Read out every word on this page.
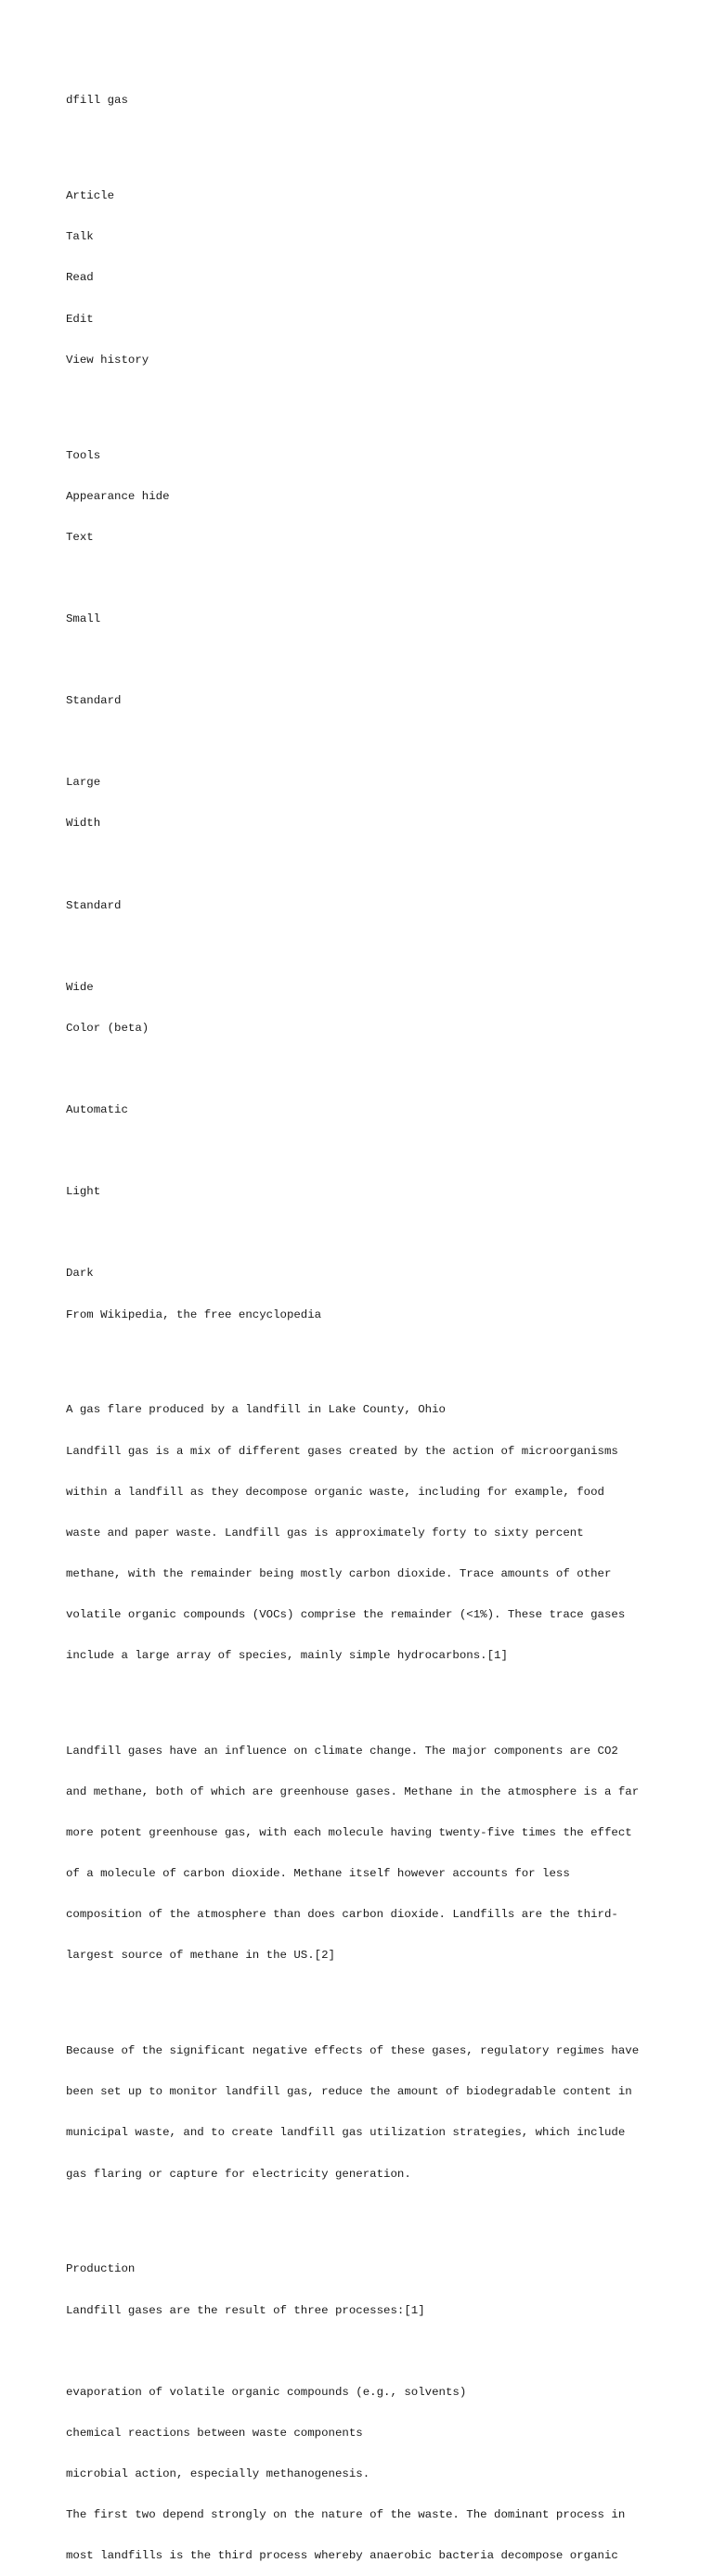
dfill gas

Article

Talk

Read

Edit

View history

Tools

Appearance hide

Text

Small

Standard

Large

Width

Standard

Wide

Color (beta)

Automatic

Light

Dark

From Wikipedia, the free encyclopedia

A gas flare produced by a landfill in Lake County, Ohio

Landfill gas is a mix of different gases created by the action of microorganisms

within a landfill as they decompose organic waste, including for example, food

waste and paper waste. Landfill gas is approximately forty to sixty percent

methane, with the remainder being mostly carbon dioxide. Trace amounts of other

volatile organic compounds (VOCs) comprise the remainder (<1%). These trace gases

include a large array of species, mainly simple hydrocarbons.[1]

Landfill gases have an influence on climate change. The major components are CO2

and methane, both of which are greenhouse gases. Methane in the atmosphere is a far

more potent greenhouse gas, with each molecule having twenty-five times the effect

of a molecule of carbon dioxide. Methane itself however accounts for less

composition of the atmosphere than does carbon dioxide. Landfills are the third-

largest source of methane in the US.[2]

Because of the significant negative effects of these gases, regulatory regimes have

been set up to monitor landfill gas, reduce the amount of biodegradable content in

municipal waste, and to create landfill gas utilization strategies, which include

gas flaring or capture for electricity generation.

Production

Landfill gases are the result of three processes:[1]

evaporation of volatile organic compounds (e.g., solvents)

chemical reactions between waste components

microbial action, especially methanogenesis.

The first two depend strongly on the nature of the waste. The dominant process in

most landfills is the third process whereby anaerobic bacteria decompose organic
